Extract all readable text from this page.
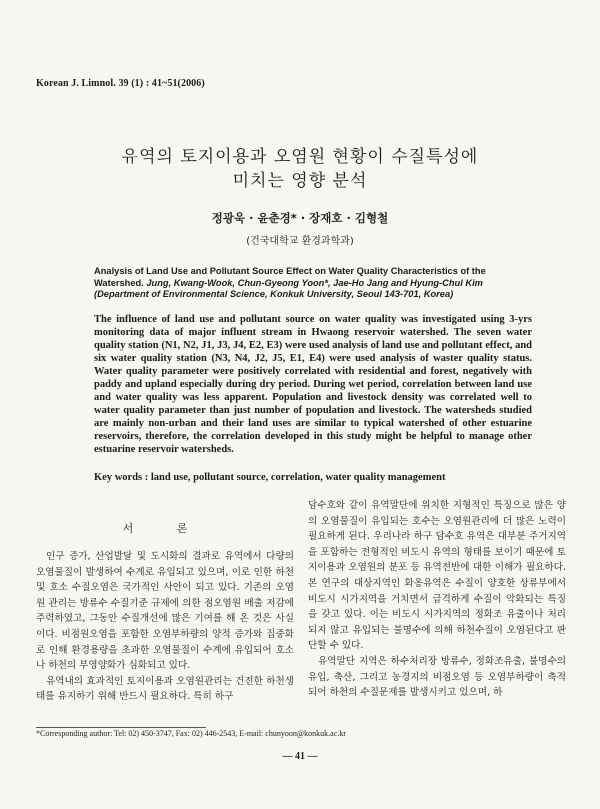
Korean J. Limnol. 39 (1) : 41~51(2006)
유역의 토지이용과 오염원 현황이 수질특성에
미치는 영향 분석
정광욱 · 윤춘경* · 장재호 · 김형철
(건국대학교 환경과학과)
Analysis of Land Use and Pollutant Source Effect on Water Quality Characteristics of the
Watershed. Jung, Kwang-Wook, Chun-Gyeong Yoon*, Jae-Ho Jang and Hyung-Chul Kim
(Department of Environmental Science, Konkuk University, Seoul 143-701, Korea)
The influence of land use and pollutant source on water quality was investigated using 3-yrs monitoring data of major influent stream in Hwaong reservoir watershed. The seven water quality station (N1, N2, J1, J3, J4, E2, E3) were used analysis of land use and pollutant effect, and six water quality station (N3, N4, J2, J5, E1, E4) were used analysis of waster quality status. Water quality parameter were positively correlated with residential and forest, negatively with paddy and upland especially during dry period. During wet period, correlation between land use and water quality was less apparent. Population and livestock density was correlated well to water quality parameter than just number of population and livestock. The watersheds studied are mainly non-urban and their land uses are similar to typical watershed of other estuarine reservoirs, therefore, the correlation developed in this study might be helpful to manage other estuarine reservoir watersheds.
Key words : land use, pollutant source, correlation, water quality management
서 론

인구 증가, 산업발달 및 도시화의 결과로 유역에서 다량의 오염물질이 발생하여 수계로 유입되고 있으며, 이로 인한 하천 및 호소 수질오염은 국가적인 사안이 되고 있다. 기존의 오염원 관리는 방류수 수질기준 규제에 의한 점오염원 배출 저감에 주력하였고, 그동안 수질개선에 많은 기여를 해 온 것은 사실이다. 비점원오염을 포함한 오염부하량의 양적 증가와 집중화로 인해 환경용량을 초과한 오염물질이 수계에 유입되어 호소나 하천의 부영양화가 심화되고 있다.

유역내의 효과적인 토지이용과 오염원관리는 건전한 하천생태를 유지하기 위해 반드시 필요하다. 특히 하구

담수호와 같이 유역말단에 위치한 지형적인 특징으로 많은 양의 오염물질이 유입되는 호수는 오염원관리에 더 많은 노력이 필요하게 된다. 우리나라 하구 담수호 유역은 대부분 주거지역을 포함하는 전형적인 비도시 유역의 형태를 보이기 때문에 토지이용과 오염원의 분포 등 유역전반에 대한 이해가 필요하다. 본 연구의 대상지역인 화옹유역은 수질이 양호한 상류부에서 비도시 시가지역을 거치면서 급격하게 수질이 악화되는 특징을 갖고 있다. 이는 비도시 시가지역의 정화조 유출이나 처리되지 않고 유입되는 불명수에 의해 하천수질이 오염된다고 판단할 수 있다.

유역말단 지역은 하수처리장 방류수, 정화조유출, 불명수의 유입, 축산, 그리고 농경지의 비점오염 등 오염부하량이 축적되어 하천의 수질문제를 발생시키고 있으며, 하

*Corresponding author: Tel: 02) 450-3747, Fax: 02) 446-2543, E-mail: chunyoon@konkuk.ac.kr
— 41 —
